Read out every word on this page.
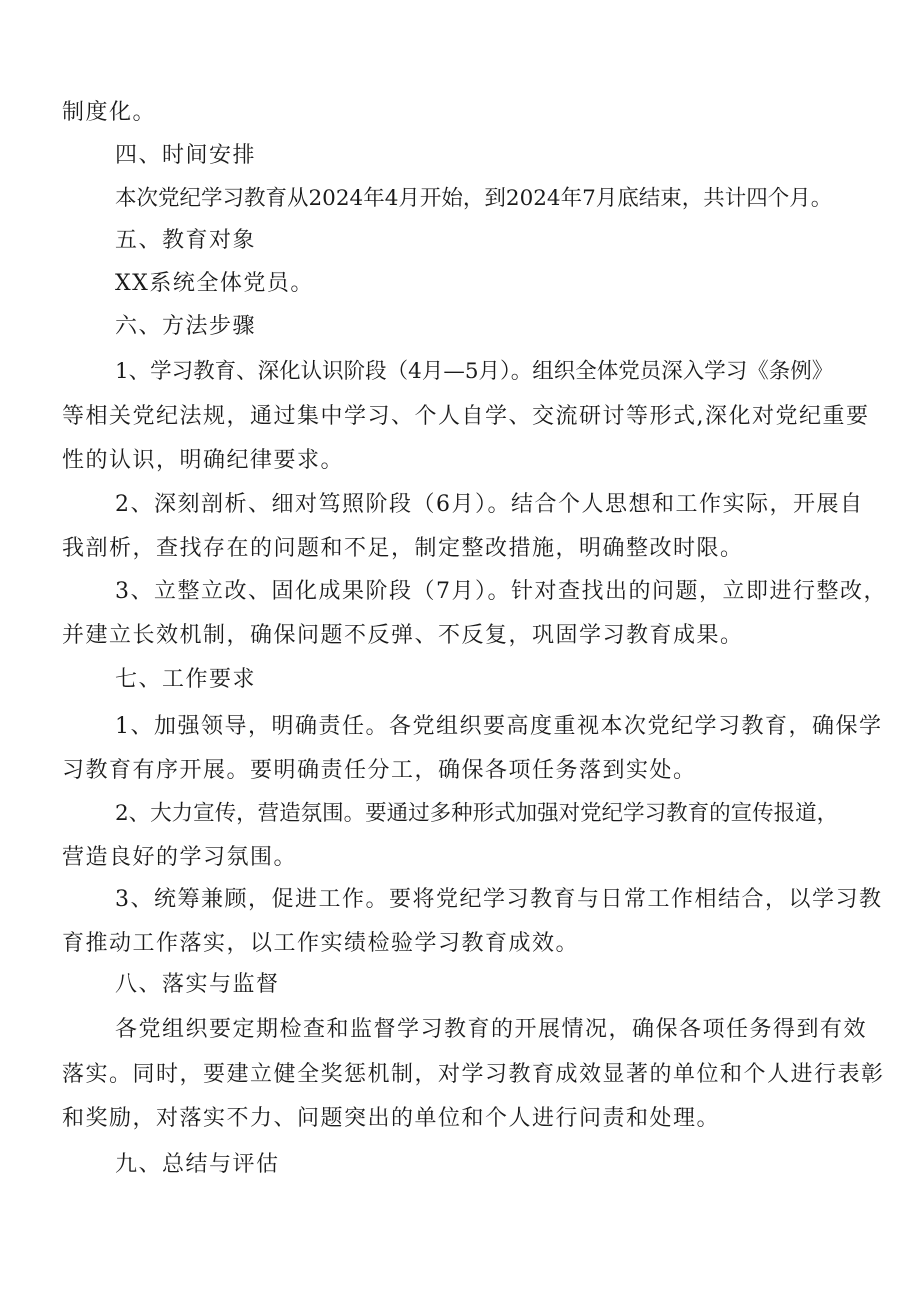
制度化。
四、时间安排
本次党纪学习教育从2024年4月开始，到2024年7月底结束，共计四个月。
五、教育对象
XX系统全体党员。
六、方法步骤
1、学习教育、深化认识阶段（4月—5月）。组织全体党员深入学习《条例》
等相关党纪法规，通过集中学习、个人自学、交流研讨等形式,深化对党纪重要
性的认识，明确纪律要求。
2、深刻剖析、细对笃照阶段（6月）。结合个人思想和工作实际，开展自
我剖析，查找存在的问题和不足，制定整改措施，明确整改时限。
3、立整立改、固化成果阶段（7月）。针对查找出的问题，立即进行整改，
并建立长效机制，确保问题不反弹、不反复，巩固学习教育成果。
七、工作要求
1、加强领导，明确责任。各党组织要高度重视本次党纪学习教育，确保学
习教育有序开展。要明确责任分工，确保各项任务落到实处。
2、大力宣传，营造氛围。要通过多种形式加强对党纪学习教育的宣传报道，
营造良好的学习氛围。
3、统筹兼顾，促进工作。要将党纪学习教育与日常工作相结合，以学习教
育推动工作落实，以工作实绩检验学习教育成效。
八、落实与监督
各党组织要定期检查和监督学习教育的开展情况，确保各项任务得到有效
落实。同时，要建立健全奖惩机制，对学习教育成效显著的单位和个人进行表彰
和奖励，对落实不力、问题突出的单位和个人进行问责和处理。
九、总结与评估
